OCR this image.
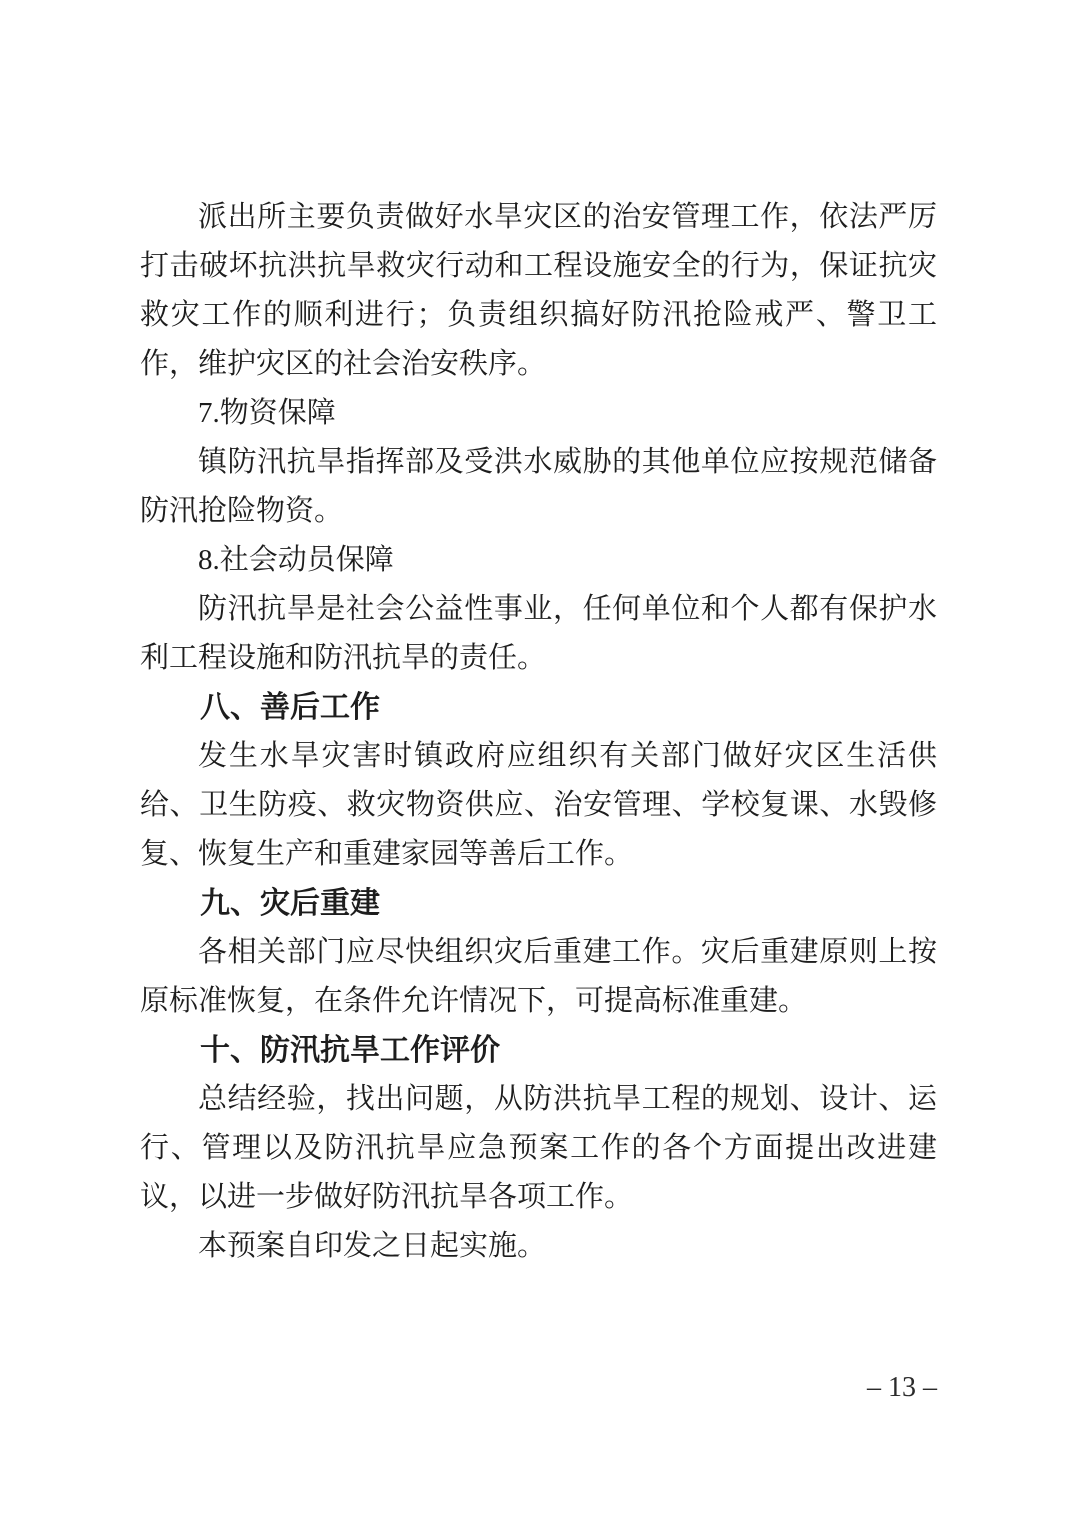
派出所主要负责做好水旱灾区的治安管理工作，依法严厉打击破坏抗洪抗旱救灾行动和工程设施安全的行为，保证抗灾救灾工作的顺利进行；负责组织搞好防汛抢险戒严、警卫工作，维护灾区的社会治安秩序。

7.物资保障

镇防汛抗旱指挥部及受洪水威胁的其他单位应按规范储备防汛抢险物资。

8.社会动员保障

防汛抗旱是社会公益性事业，任何单位和个人都有保护水利工程设施和防汛抗旱的责任。

八、善后工作

发生水旱灾害时镇政府应组织有关部门做好灾区生活供给、卫生防疫、救灾物资供应、治安管理、学校复课、水毁修复、恢复生产和重建家园等善后工作。

九、灾后重建

各相关部门应尽快组织灾后重建工作。灾后重建原则上按原标准恢复，在条件允许情况下，可提高标准重建。

十、防汛抗旱工作评价

总结经验，找出问题，从防洪抗旱工程的规划、设计、运行、管理以及防汛抗旱应急预案工作的各个方面提出改进建议，以进一步做好防汛抗旱各项工作。

本预案自印发之日起实施。

– 13 –
